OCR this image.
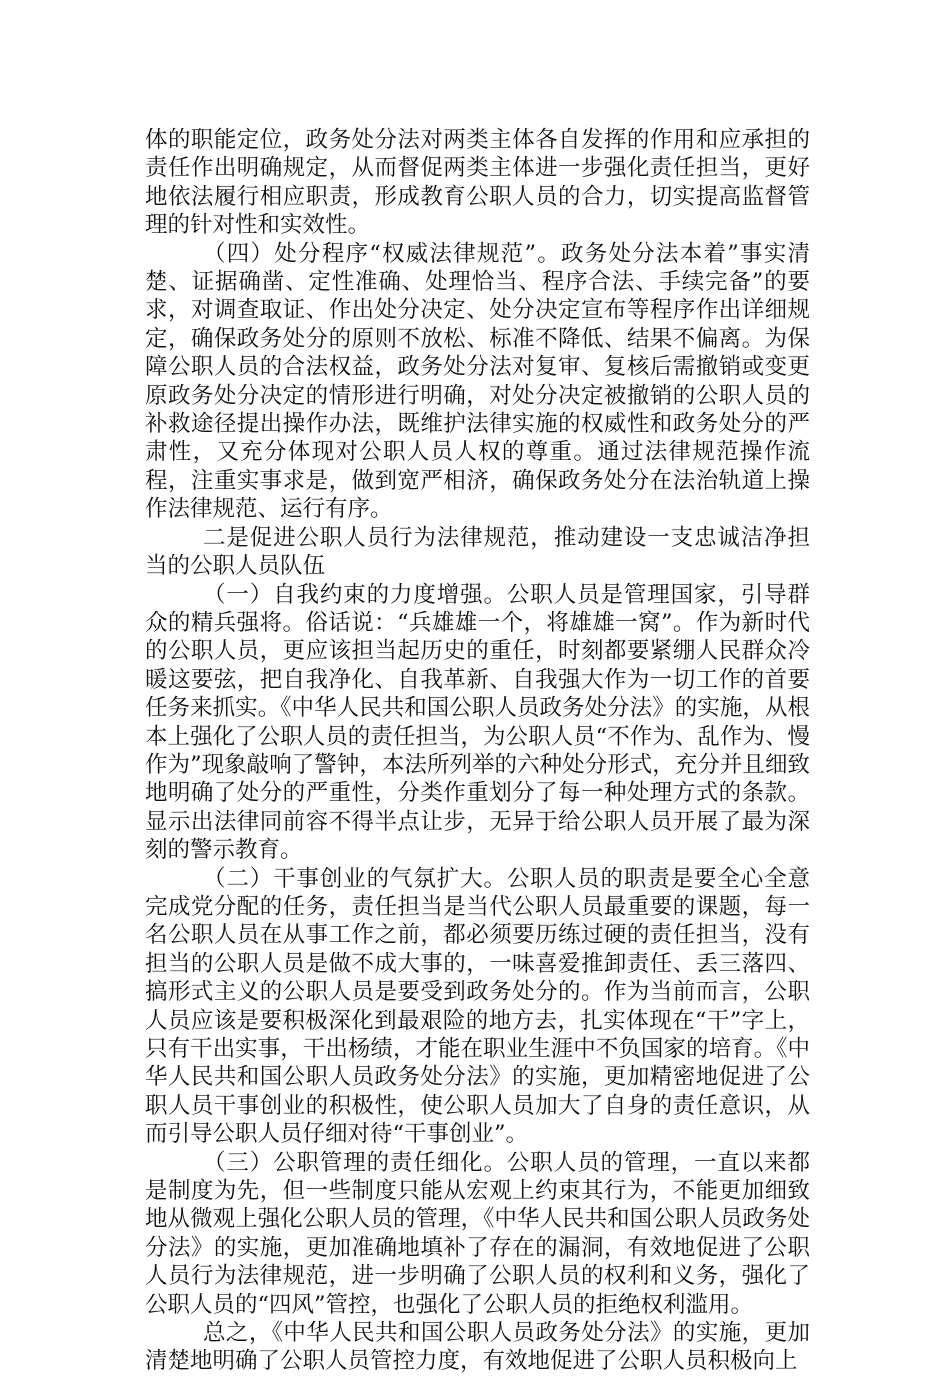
体的职能定位，政务处分法对两类主体各自发挥的作用和应承担的责任作出明确规定，从而督促两类主体进一步强化责任担当，更好地依法履行相应职责，形成教育公职人员的合力，切实提高监督管理的针对性和实效性。

（四）处分程序“权威法律规范”。政务处分法本着”事实清楚、证据确凿、定性准确、处理恰当、程序合法、手续完备”的要求，对调查取证、作出处分决定、处分决定宣布等程序作出详细规定，确保政务处分的原则不放松、标准不降低、结果不偏离。为保障公职人员的合法权益，政务处分法对复审、复核后需撤销或变更原政务处分决定的情形进行明确，对处分决定被撤销的公职人员的补救途径提出操作办法，既维护法律实施的权威性和政务处分的严肃性，又充分体现对公职人员人权的尊重。通过法律规范操作流程，注重实事求是，做到宽严相济，确保政务处分在法治轨道上操作法律规范、运行有序。

二是促进公职人员行为法律规范，推动建设一支忠诚洁净担当的公职人员队伍

（一）自我约束的力度增强。公职人员是管理国家，引导群众的精兵强将。俗话说：“兵雄雄一个，将雄雄一窝”。作为新时代的公职人员，更应该担当起历史的重任，时刻都要紧绷人民群众冷暖这要弦，把自我净化、自我革新、自我强大作为一切工作的首要任务来抓实。《中华人民共和国公职人员政务处分法》的实施，从根本上强化了公职人员的责任担当，为公职人员“不作为、乱作为、慢作为”现象敲响了警钟，本法所列举的六种处分形式，充分并且细致地明确了处分的严重性，分类作重划分了每一种处理方式的条款。显示出法律同前容不得半点让步，无异于给公职人员开展了最为深刻的警示教育。

（二）干事创业的气氛扩大。公职人员的职责是要全心全意完成党分配的任务，责任担当是当代公职人员最重要的课题，每一名公职人员在从事工作之前，都必须要历练过硬的责任担当，没有担当的公职人员是做不成大事的，一味喜爱推卸责任、丢三落四、搞形式主义的公职人员是要受到政务处分的。作为当前而言，公职人员应该是要积极深化到最艰险的地方去，扎实体现在“干”字上，只有干出实事，干出杨绩，才能在职业生涯中不负国家的培育。《中华人民共和国公职人员政务处分法》的实施，更加精密地促进了公职人员干事创业的积极性，使公职人员加大了自身的责任意识，从而引导公职人员仔细对待“干事创业”。

（三）公职管理的责任细化。公职人员的管理，一直以来都是制度为先，但一些制度只能从宏观上约束其行为，不能更加细致地从微观上强化公职人员的管理，《中华人民共和国公职人员政务处分法》的实施，更加准确地填补了存在的漏洞，有效地促进了公职人员行为法律规范，进一步明确了公职人员的权利和义务，强化了公职人员的“四风”管控，也强化了公职人员的拒绝权利滥用。

总之，《中华人民共和国公职人员政务处分法》的实施，更加清楚地明确了公职人员管控力度，有效地促进了公职人员积极向上
